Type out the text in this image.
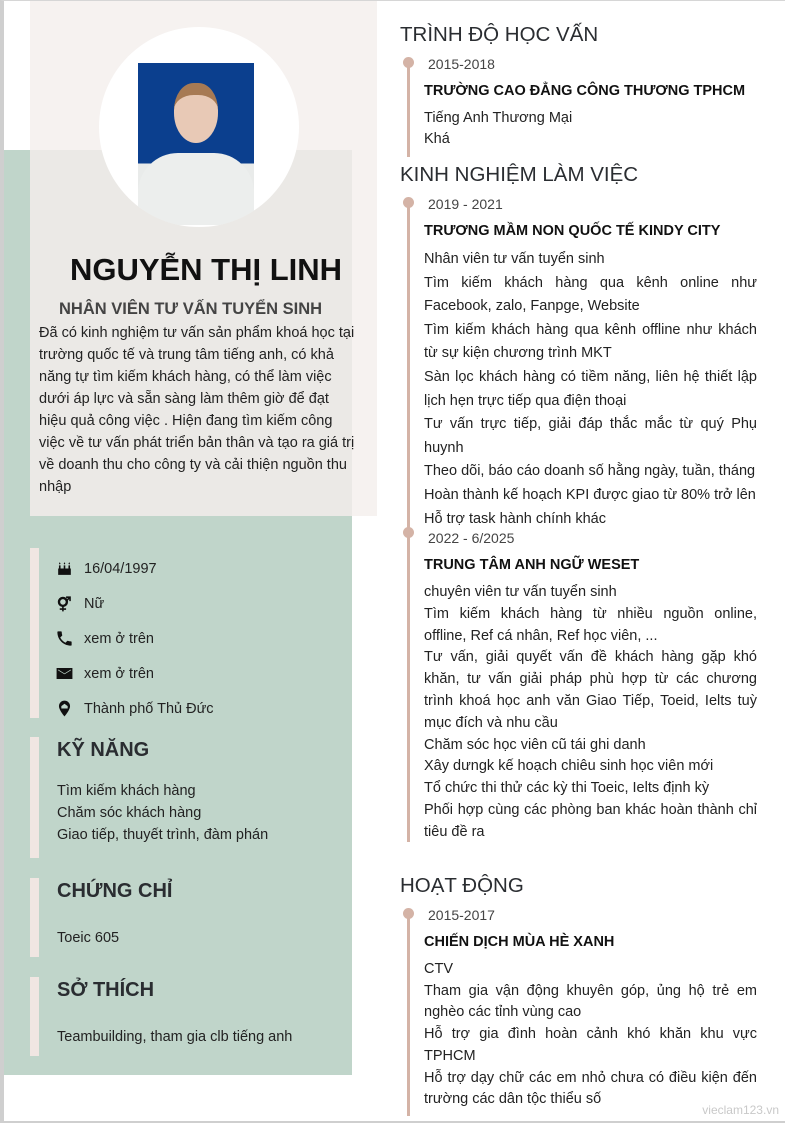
NGUYỄN THỊ LINH
NHÂN VIÊN TƯ VẤN TUYỂN SINH
Đã có kinh nghiệm tư vấn sản phẩm khoá học tại trường quốc tế và trung tâm tiếng anh, có khả năng tự tìm kiếm khách hàng, có thể làm việc dưới áp lực và sẵn sàng làm thêm giờ để đạt hiệu quả công việc . Hiện đang tìm kiếm công việc về tư vấn phát triển bản thân và tạo ra giá trị về doanh thu cho công ty và cải thiện nguồn thu nhập
16/04/1997
Nữ
xem ở trên
xem ở trên
Thành phố Thủ Đức
KỸ NĂNG
Tìm kiếm khách hàng
Chăm sóc khách hàng
Giao tiếp, thuyết trình, đàm phán
CHỨNG CHỈ
Toeic 605
SỞ THÍCH
Teambuilding, tham gia clb tiếng anh
TRÌNH ĐỘ HỌC VẤN
2015-2018
TRƯỜNG CAO ĐẲNG CÔNG THƯƠNG TPHCM
Tiếng Anh Thương Mại
Khá
KINH NGHIỆM LÀM VIỆC
2019 - 2021
TRƯƠNG MẦM NON QUỐC TẾ KINDY CITY
Nhân viên tư vấn tuyển sinh
Tìm kiếm khách hàng qua kênh online như Facebook, zalo, Fanpge, Website
Tìm kiếm khách hàng qua kênh offline như khách từ sự kiện chương trình MKT
Sàn lọc khách hàng có tiềm năng, liên hệ thiết lập lịch hẹn trực tiếp qua điện thoại
Tư vấn trực tiếp, giải đáp thắc mắc từ quý Phụ huynh
Theo dõi, báo cáo doanh số hằng ngày, tuần, tháng
Hoàn thành kế hoạch KPI được giao từ 80% trở lên
Hỗ trợ task hành chính khác
2022 - 6/2025
TRUNG TÂM ANH NGỮ WESET
chuyên viên tư vấn tuyển sinh
Tìm kiếm khách hàng từ nhiều nguồn online, offline, Ref cá nhân, Ref học viên, ...
Tư vấn, giải quyết vấn đề khách hàng gặp khó khăn, tư vấn giải pháp phù hợp từ các chương trình khoá học anh văn Giao Tiếp, Toeid, Ielts tuỳ mục đích và nhu cầu
Chăm sóc học viên cũ tái ghi danh
Xây dưngk kế hoạch chiêu sinh học viên mới
Tổ chức thi thử các kỳ thi Toeic, Ielts định kỳ
Phối hợp cùng các phòng ban khác hoàn thành chỉ tiêu đề ra
HOẠT ĐỘNG
2015-2017
CHIẾN DỊCH MÙA HÈ XANH
CTV
Tham gia vận động khuyên góp, ủng hộ trẻ em nghèo các tỉnh vùng cao
Hỗ trợ gia đình hoàn cảnh khó khăn khu vực TPHCM
Hỗ trợ dạy chữ các em nhỏ chưa có điều kiện đến trường các dân tộc thiểu số
vieclam123.vn
